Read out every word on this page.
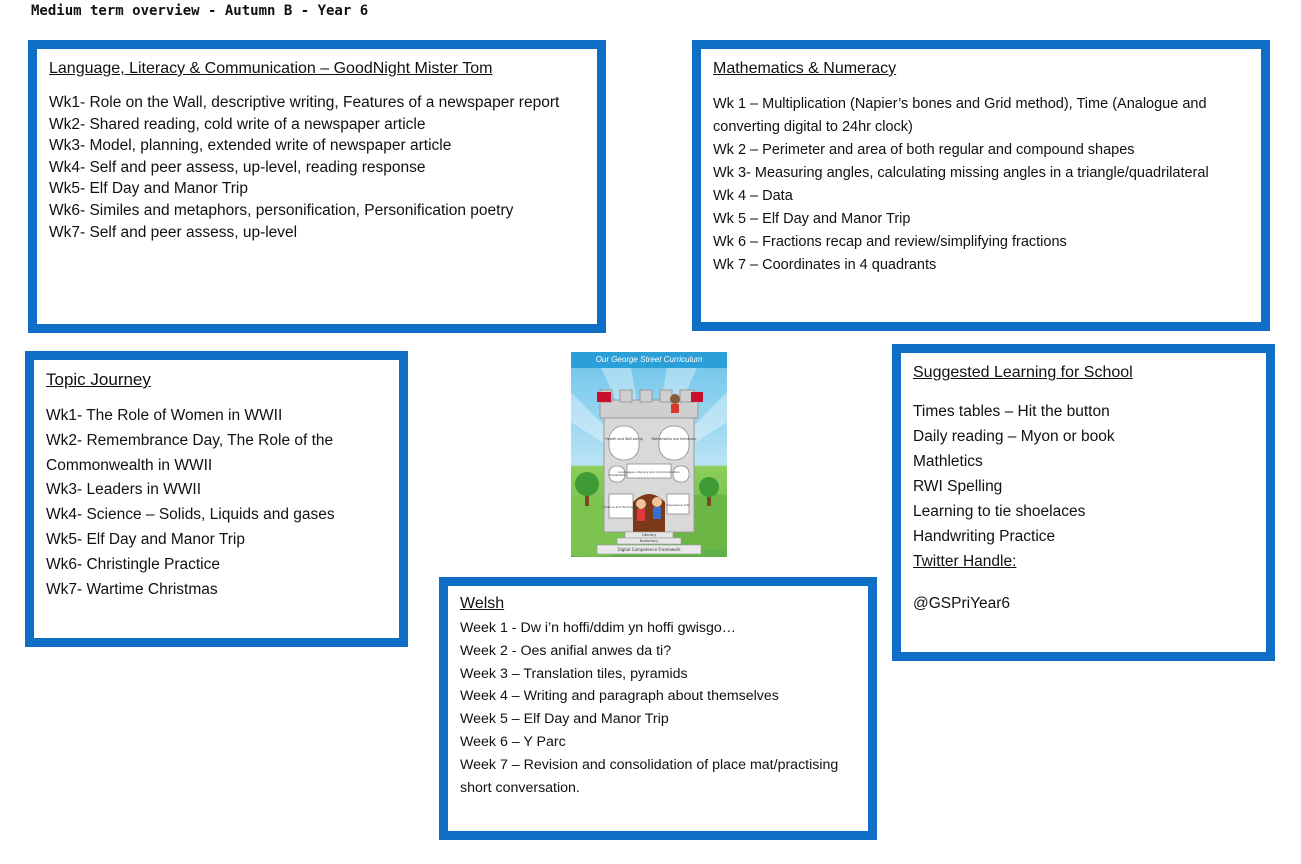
Medium term overview - Autumn B - Year 6
Language, Literacy & Communication – GoodNight Mister Tom
Wk1- Role on the Wall, descriptive writing, Features of a newspaper report
Wk2- Shared reading, cold write of a newspaper article
Wk3- Model, planning, extended write of newspaper article
Wk4- Self and peer assess, up-level, reading response
Wk5- Elf Day and Manor Trip
Wk6- Similes and metaphors, personification, Personification poetry
Wk7- Self and peer assess, up-level
Mathematics & Numeracy
Wk 1 – Multiplication (Napier’s bones and Grid method), Time (Analogue and converting digital to 24hr clock)
Wk 2 – Perimeter and area of both regular and compound shapes
Wk 3- Measuring angles, calculating missing angles in a triangle/quadrilateral
Wk 4 – Data
Wk 5 – Elf Day and Manor Trip
Wk 6 – Fractions recap and review/simplifying fractions
Wk 7 – Coordinates in 4 quadrants
Topic Journey
Wk1- The Role of Women in WWII
Wk2- Remembrance Day, The Role of the Commonwealth in WWII
Wk3- Leaders in WWII
Wk4- Science – Solids, Liquids and gases
Wk5- Elf Day and Manor Trip
Wk6- Christingle Practice
Wk7- Wartime Christmas
Health and Well-being	Mathematics and Numeracy
Humanities
Languages, Literacy and Communication
Science and Technology	Expressive Arts
Literacy
Numeracy
Digital Competence Framework
Our George Street Curriculum
Suggested Learning for School
Times tables – Hit the button
Daily reading – Myon or book
Mathletics
RWI Spelling
Learning to tie shoelaces
Handwriting Practice
Twitter Handle:
@GSPriYear6
Welsh
Week 1 - Dw i’n hoffi/ddim yn hoffi gwisgo…
Week 2 - Oes anifial anwes da ti?
Week 3 – Translation tiles, pyramids
Week 4 – Writing and paragraph about themselves
Week 5 – Elf Day and Manor Trip
Week 6 – Y Parc
Week 7 – Revision and consolidation of place mat/practising short conversation.
